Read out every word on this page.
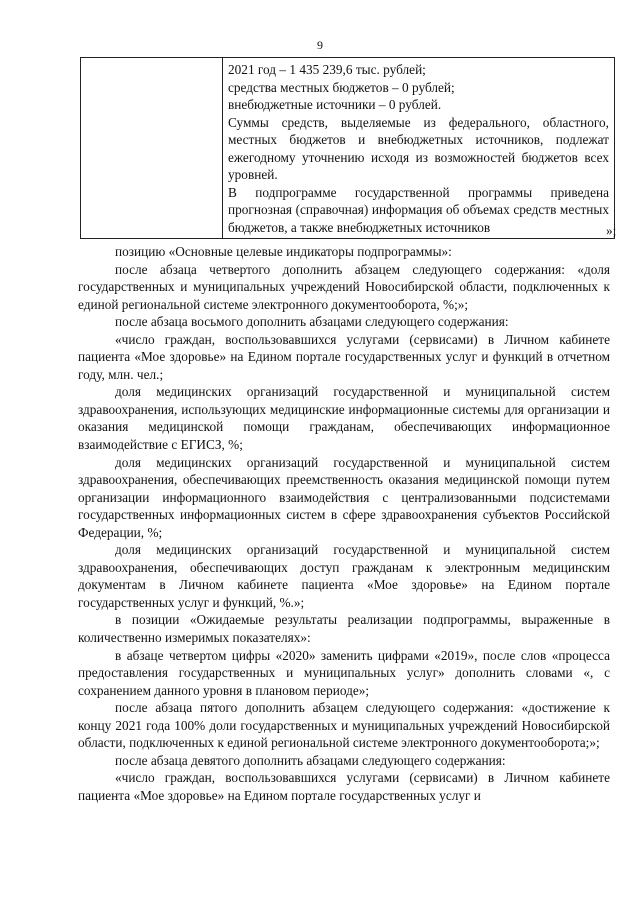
9

2021 год – 1 435 239,6 тыс. рублей;

средства местных бюджетов – 0 рублей;

внебюджетные источники – 0 рублей.

Суммы средств, выделяемые из федерального, областного, местных бюджетов и внебюджетных источников, подлежат ежегодному уточнению исходя из возможностей бюджетов всех уровней.

В подпрограмме государственной программы приведена прогнозная (справочная) информация об объемах средств местных бюджетов, а также внебюджетных источников	»;

позицию «Основные целевые индикаторы подпрограммы»:

после абзаца четвертого дополнить абзацем следующего содержания: «доля государственных и муниципальных учреждений Новосибирской области, подключенных к единой региональной системе электронного документооборота, %;»;

после абзаца восьмого дополнить абзацами следующего содержания:

«число граждан, воспользовавшихся услугами (сервисами) в Личном кабинете пациента «Мое здоровье» на Едином портале государственных услуг и функций в отчетном году, млн. чел.;

доля медицинских организаций государственной и муниципальной систем здравоохранения, использующих медицинские информационные системы для организации и оказания медицинской помощи гражданам, обеспечивающих информационное взаимодействие с ЕГИСЗ, %;

доля медицинских организаций государственной и муниципальной систем здравоохранения, обеспечивающих преемственность оказания медицинской помощи путем организации информационного взаимодействия с централизованными подсистемами государственных информационных систем в сфере здравоохранения субъектов Российской Федерации, %;

доля медицинских организаций государственной и муниципальной систем здравоохранения, обеспечивающих доступ гражданам к электронным медицинским документам в Личном кабинете пациента «Мое здоровье» на Едином портале государственных услуг и функций, %.»;

в позиции «Ожидаемые результаты реализации подпрограммы, выраженные в количественно измеримых показателях»:

в абзаце четвертом цифры «2020» заменить цифрами «2019», после слов «процесса предоставления государственных и муниципальных услуг» дополнить словами «, с сохранением данного уровня в плановом периоде»;

после абзаца пятого дополнить абзацем следующего содержания: «достижение к концу 2021 года 100% доли государственных и муниципальных учреждений Новосибирской области, подключенных к единой региональной системе электронного документооборота;»;

после абзаца девятого дополнить абзацами следующего содержания:

«число граждан, воспользовавшихся услугами (сервисами) в Личном кабинете пациента «Мое здоровье» на Едином портале государственных услуг и
